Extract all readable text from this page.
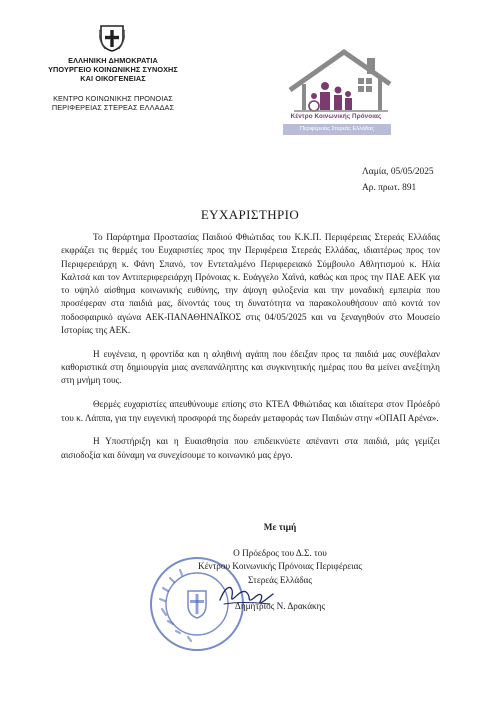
ΕΛΛΗΝΙΚΗ ΔΗΜΟΚΡΑΤΙΑ
ΥΠΟΥΡΓΕΙΟ ΚΟΙΝΩΝΙΚΗΣ ΣΥΝΟΧΗΣ
ΚΑΙ ΟΙΚΟΓΕΝΕΙΑΣ
ΚΕΝΤΡΟ ΚΟΙΝΩΝΙΚΗΣ ΠΡΟΝΟΙΑΣ
ΠΕΡΙΦΕΡΕΙΑΣ ΣΤΕΡΕΑΣ ΕΛΛΑΔΑΣ
Κέντρο Κοινωνικής Πρόνοιας
Περιφέρειας Στερεάς Ελλάδας
Λαμία, 05/05/2025
Αρ. πρωτ. 891
ΕΥΧΑΡΙΣΤΗΡΙΟ

Το Παράρτημα Προστασίας Παιδιού Φθιώτιδας του Κ.Κ.Π. Περιφέρειας Στερεάς Ελλάδας εκφράζει τις θερμές του Ευχαριστίες προς την Περιφέρεια Στερεάς Ελλάδας, ιδιαιτέρως προς τον Περιφερειάρχη κ. Φάνη Σπανό, τον Εντεταλμένο Περιφερειακό Σύμβουλο Αθλητισμού κ. Ηλία Καλτσά και τον Αντιπεριφερειάρχη Πρόνοιας κ. Ευάγγελο Χαϊνά, καθώς και προς την ΠΑΕ ΑΕΚ για το υψηλό αίσθημα κοινωνικής ευθύνης, την άψογη φιλοξενία και την μοναδική εμπειρία που προσέφεραν στα παιδιά μας, δίνοντάς τους τη δυνατότητα να παρακολουθήσουν από κοντά τον ποδοσφαιρικό αγώνα ΑΕΚ-ΠΑΝΑΘΗΝΑΪΚΟΣ στις 04/05/2025 και να ξεναγηθούν στο Μουσείο Ιστορίας της ΑΕΚ.

Η ευγένεια, η φροντίδα και η αληθινή αγάπη που έδειξαν προς τα παιδιά μας συνέβαλαν καθοριστικά στη δημιουργία μιας ανεπανάληπτης και συγκινητικής ημέρας που θα μείνει ανεξίτηλη στη μνήμη τους.

Θερμές ευχαριστίες απευθύνουμε επίσης στο ΚΤΕΛ Φθιώτιδας και ιδιαίτερα στον Πρόεδρό του κ. Λάππα, για την ευγενική προσφορά της δωρεάν μεταφοράς των Παιδιών στην «ΟΠΑΠ Αρένα».

Η Υποστήριξη και η Ευαισθησία που επιδεικνύετε απέναντι στα παιδιά, μάς γεμίζει αισιοδοξία και δύναμη να συνεχίσουμε το κοινωνικό μας έργο.

Με τιμή
Ο Πρόεδρος του Δ.Σ. του
Κέντρου Κοινωνικής Πρόνοιας Περιφέρειας
Στερεάς Ελλάδας
Δημήτριος Ν. Δρακάκης
